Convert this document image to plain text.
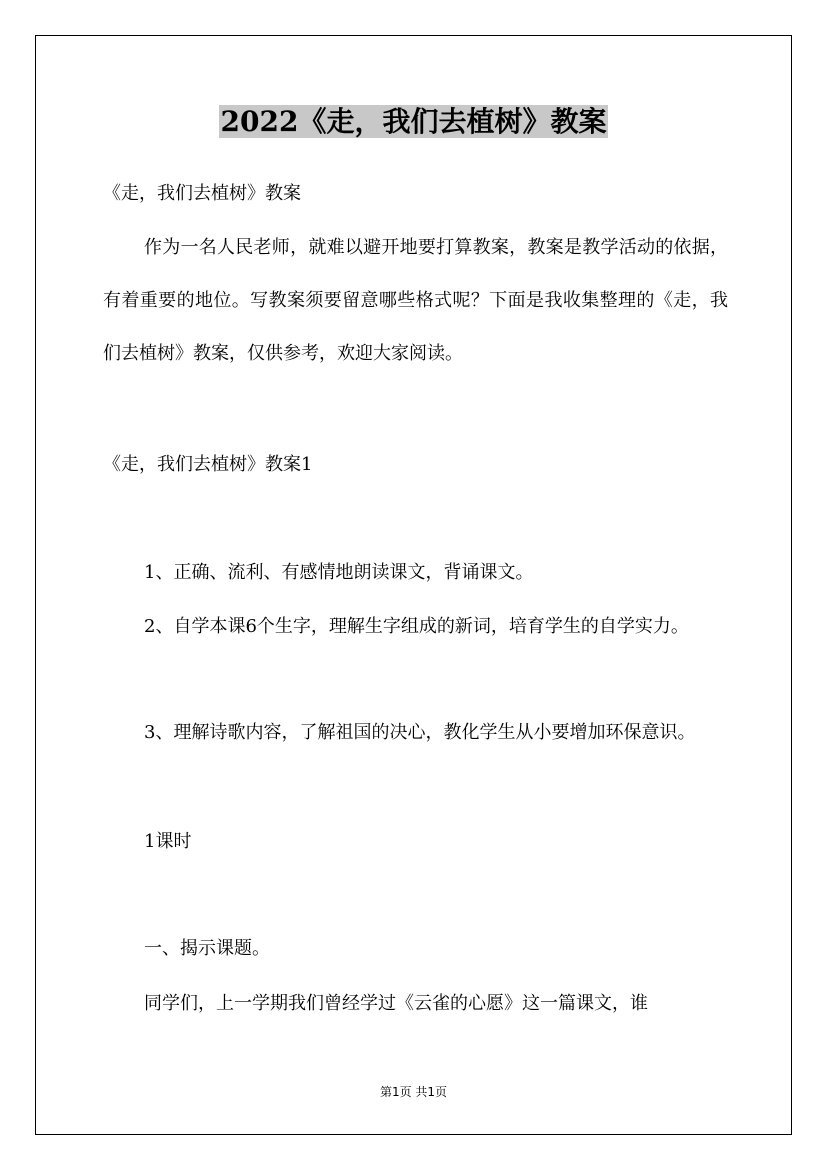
2022《走，我们去植树》教案
《走，我们去植树》教案
作为一名人民老师，就难以避开地要打算教案，教案是教学活动的依据，有着重要的地位。写教案须要留意哪些格式呢？下面是我收集整理的《走，我们去植树》教案，仅供参考，欢迎大家阅读。
《走，我们去植树》教案1
1、正确、流利、有感情地朗读课文，背诵课文。
2、自学本课6个生字，理解生字组成的新词，培育学生的自学实力。
3、理解诗歌内容，了解祖国的决心，教化学生从小要增加环保意识。
1课时
一、揭示课题。
同学们，上一学期我们曾经学过《云雀的心愿》这一篇课文，谁
第1页 共1页
